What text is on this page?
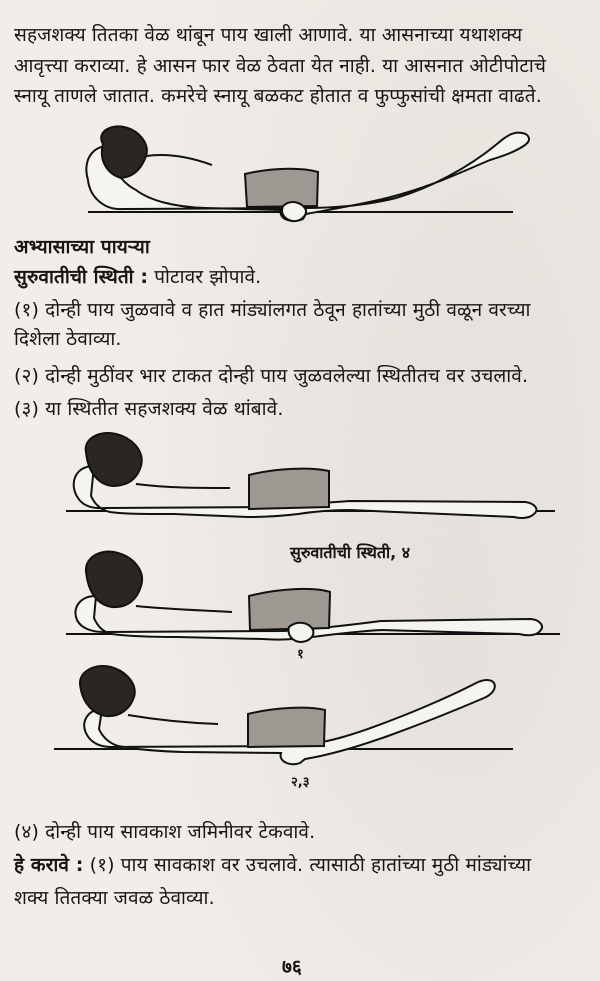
सहजशक्य तितका वेळ थांबून पाय खाली आणावे. या आसनाच्या यथाशक्य
आवृत्त्या कराव्या. हे आसन फार वेळ ठेवता येत नाही. या आसनात ओटीपोटाचे
स्नायू ताणले जातात. कमरेचे स्नायू बळकट होतात व फुप्फुसांची क्षमता वाढते.
अभ्यासाच्या पायऱ्या
सुरुवातीची स्थिती : पोटावर झोपावे.
(१) दोन्ही पाय जुळवावे व हात मांड्यांलगत ठेवून हातांच्या मुठी वळून वरच्या
दिशेला ठेवाव्या.
(२) दोन्ही मुठींवर भार टाकत दोन्ही पाय जुळवलेल्या स्थितीतच वर उचलावे.
(३) या स्थितीत सहजशक्य वेळ थांबावे.
सुरुवातीची स्थिती, ४
१
२,३
(४) दोन्ही पाय सावकाश जमिनीवर टेकवावे.
हे करावे : (१) पाय सावकाश वर उचलावे. त्यासाठी हातांच्या मुठी मांड्यांच्या
शक्य तितक्या जवळ ठेवाव्या.
७६
